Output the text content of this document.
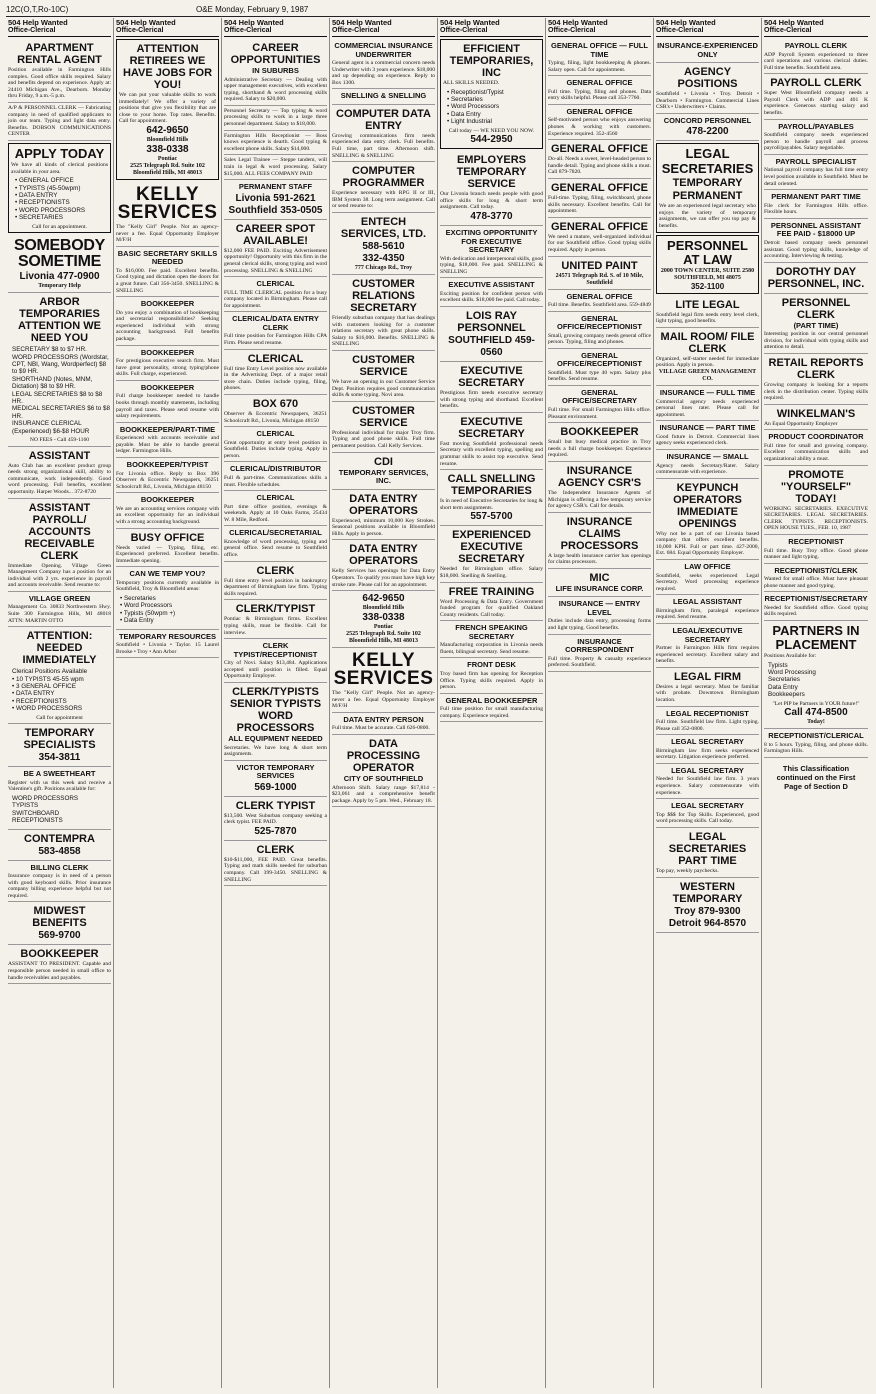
12C(O,T,Ro-10C)	O&E Monday, February 9, 1987
504 Help Wanted
Office-Clerical
APARTMENT RENTAL AGENT

Position available in Farmington Hills complex. Good office skills required. Salary and benefits depend on experience. Apply at: 24410 Michigan Ave., Dearborn. Monday thru Friday, 9 a.m.-5 p.m.

A/P & PERSONNEL CLERK — Fabricating company in need of qualified applicants to join our team. Typing and light data entry. Benefits. DOBSON COMMUNICATIONS CENTER

APPLY TODAY

We have all kinds of clerical positions available in your area.

• GENERAL OFFICE
• TYPISTS (45-50wpm)
• DATA ENTRY
• RECEPTIONISTS
• WORD PROCESSORS
• SECRETARIES

Call for an appointment.

SOMEBODY SOMETIME
Livonia 477-0900
Temporary Help
ARBOR TEMPORARIES ATTENTION WE NEED YOU
SECRETARY $8 to $7 HR.
WORD PROCESSORS (Wordstar, CPT, NBI, Wang, Wordperfect) $8 to $9 HR.
SHORTHAND (Notes, MNM, Dictation) $8 to $9 HR.
LEGAL SECRETARIES $8 to $8 HR.
MEDICAL SECRETARIES $6 to $8 HR.
INSURANCE CLERICAL (Experienced) $6-$8 HOUR

NO FEES - Call 459-1160

ASSISTANT

Auto Club has an excellent product group needs strong organizational skill, ability to communicate, work independently. Good word processing. Full benefits, excellent opportunity. Harper Woods... 372-8720

ASSISTANT PAYROLL/ ACCOUNTS RECEIVABLE CLERK

Immediate Opening. Village Green Management Company has a position for an individual with 2 yrs. experience in payroll and accounts receivable. Send resume to:

VILLAGE GREEN

Management Co. 30833 Northwestern Hwy. Suite 300 Farmington Hills, MI 48018 ATTN: MARTIN OTTO

ATTENTION: NEEDED IMMEDIATELY
Clerical Positions Available
• 10 TYPISTS 45-55 wpm
• 3 GENERAL OFFICE
• DATA ENTRY
• RECEPTIONISTS
• WORD PROCESSORS

Call for appointment

TEMPORARY SPECIALISTS
354-3811
BE A SWEETHEART

Register with us this week and receive a Valentine's gift. Positions available for:

WORD PROCESSORS
TYPISTS
SWITCHBOARD
RECEPTIONISTS
CONTEMPRA
583-4858
BILLING CLERK

Insurance company is in need of a person with good keyboard skills. Prior insurance company billing experience helpful but not required.

MIDWEST BENEFITS
569-9700
BOOKKEEPER

ASSISTANT TO PRESIDENT. Capable and responsible person needed in small office to handle receivables and payables.

504 Help Wanted
Office-Clerical
ATTENTION RETIREES WE HAVE JOBS FOR YOU!

We can put your valuable skills to work immediately! We offer a variety of positions that give you flexibility that are close to your home. Top rates. Benefits. Call for appointment.

642-9650
Bloomfield Hills
338-0338
Pontiac
2525 Telegraph Rd. Suite 102 Bloomfield Hills, MI 48013
KELLY SERVICES

The "Kelly Girl" People. Not an agency-never a fee. Equal Opportunity Employer M/F/H

BASIC SECRETARY SKILLS NEEDED

To $16,000. Fee paid. Excellent benefits. Good typing and dictation open the doors for a great future. Call 356-3450. SNELLING & SNELLING

BOOKKEEPER

Do you enjoy a combination of bookkeeping and secretarial responsibilities? Seeking experienced individual with strong accounting background. Full benefits package.

BOOKKEEPER

For prestigious executive search firm. Must have great personality, strong typing/phone skills. Full charge, experienced.

BOOKKEEPER

Full charge bookkeeper needed to handle books through monthly statements, including payroll and taxes. Please send resume with salary requirements.

BOOKKEEPER/PART-TIME

Experienced with accounts receivable and payable. Must be able to handle general ledger. Farmington Hills.

BOOKKEEPER/TYPIST

For Livonia office. Reply to Box 396 Observer & Eccentric Newspapers, 36251 Schoolcraft Rd., Livonia, Michigan 48150

BOOKKEEPER

We are an accounting services company with an excellent opportunity for an individual with a strong accounting background.

BUSY OFFICE

Needs varied — Typing, filing, etc. Experienced preferred. Excellent benefits. Immediate opening.

CAN WE TEMP YOU?

Temporary positions currently available in Southfield, Troy & Bloomfield areas:

• Secretaries
• Word Processors
• Typists (50wpm +)
• Data Entry
TEMPORARY RESOURCES

Southfield • Livonia • Taylor. 15 Laurel Brooke • Troy • Ann Arbor

504 Help Wanted
Office-Clerical
CAREER OPPORTUNITIES
IN SUBURBS

Administrative Secretary — Dealing with upper management executives, with excellent typing, shorthand & word processing skills required. Salary to $20,000.

Personnel Secretary — Top typing & word processing skills to work in a large three personnel department. Salary to $18,000.

Farmington Hills Receptionist — Boss knows experience is dearth. Good typing & excellent phone skills. Salary $14,000.

Sales Legal Trainee — Steppe tandem, will train in legal & word processing. Salary $15,000. ALL FEES COMPANY PAID

PERMANENT STAFF
Livonia 591-2621
Southfield 353-0505
CAREER SPOT AVAILABLE!

$12,000 FEE PAID. Exciting Advertisement opportunity! Opportunity with this firm in the general clerical skills, strong typing and word processing. SNELLING & SNELLING

CLERICAL

FULL TIME CLERICAL position for a busy company located in Birmingham. Please call for appointment.

CLERICAL/DATA ENTRY CLERK

Full time position for Farmington Hills CPA Firm. Please send resume.

CLERICAL

Full time Entry Level position now available in the Advertising Dept. of a major retail store chain. Duties include typing, filing, phones.

BOX 670

Observer & Eccentric Newspapers, 36251 Schoolcraft Rd., Livonia, Michigan 48150

CLERICAL

Great opportunity at entry level position in Southfield. Duties include typing. Apply in person.

CLERICAL/DISTRIBUTOR

Full & part-time. Communications skills a must. Flexible schedules.

CLERICAL

Part time office position, evenings & weekends. Apply at 10 Oaks Farms, 25434 W. 8 Mile, Redford.

CLERICAL/SECRETARIAL

Knowledge of word processing, typing and general office. Send resume to Southfield office.

CLERK

Full time entry level position in bankruptcy department of Birmingham law firm. Typing skills required.

CLERK/TYPIST

Pontiac & Birmingham firms. Excellent typing skills, must be flexible. Call for interview.

CLERK TYPIST/RECEPTIONIST

City of Novi. Salary $13,484. Applications accepted until position is filled. Equal Opportunity Employer.

CLERK/TYPISTS SENIOR TYPISTS WORD PROCESSORS
ALL EQUIPMENT NEEDED

Secretaries. We have long & short term assignments.

VICTOR TEMPORARY SERVICES
569-1000
CLERK TYPIST

$13,500. West Suburban company seeking a clerk typist. FEE PAID.

525-7870
CLERK

$10-$11,000, FEE PAID. Great benefits. Typing and math skills needed for suburban company. Call 399-3450. SNELLING & SNELLING

504 Help Wanted
Office-Clerical
COMMERCIAL INSURANCE UNDERWRITER

General agent is a commercial concern needs Underwriter with 3 years experience. $18,000 and up depending on experience. Reply to Box 1300.

SNELLING & SNELLING
COMPUTER DATA ENTRY

Growing communications firm needs experienced data entry clerk. Full benefits. Full time, part time. Afternoon shift. SNELLING & SNELLING

COMPUTER PROGRAMMER

Experience necessary with RPG II or III, IBM System 38. Long term assignment. Call or send resume to:

ENTECH SERVICES, LTD.
588-5610
332-4350
777 Chicago Rd., Troy
CUSTOMER RELATIONS SECRETARY

Friendly suburban company that has dealings with customers looking for a customer relations secretary with great phone skills. Salary to $16,000. Benefits. SNELLING & SNELLING

CUSTOMER SERVICE

We have an opening in our Customer Service Dept. Position requires good communication skills & some typing. Novi area.

CUSTOMER SERVICE

Professional individual for major Troy firm. Typing and good phone skills. Full time permanent position. Call Kelly Services.

CDI
TEMPORARY SERVICES, INC.
DATA ENTRY OPERATORS

Experienced, minimum 10,000 Key Strokes. Seasonal positions available in Bloomfield Hills. Apply in person.

DATA ENTRY OPERATORS

Kelly Services has openings for Data Entry Operators. To qualify you must have high key stroke rate. Please call for an appointment.

642-9650
Bloomfield Hills
338-0338
Pontiac
2525 Telegraph Rd. Suite 102 Bloomfield Hills, MI 48013
KELLY SERVICES

The "Kelly Girl" People. Not an agency-never a fee. Equal Opportunity Employer M/F/H

DATA ENTRY PERSON

Full time. Must be accurate. Call 626-0800.

DATA PROCESSING OPERATOR
CITY OF SOUTHFIELD

Afternoon Shift. Salary range $17,814 - $23,061 and a comprehensive benefit package. Apply by 5 pm. Wed., February 18.

504 Help Wanted
Office-Clerical
EFFICIENT TEMPORARIES, INC

ALL SKILLS NEEDED.

• Receptionist/Typist
• Secretaries
• Word Processors
• Data Entry
• Light Industrial

Call today — WE NEED YOU NOW.

544-2950
EMPLOYERS TEMPORARY SERVICE

Our Livonia branch needs people with good office skills for long & short term assignments. Call today.

478-3770
EXCITING OPPORTUNITY FOR EXECUTIVE SECRETARY

With dedication and interpersonal skills, good typing, $18,000. Fee paid. SNELLING & SNELLING

EXECUTIVE ASSISTANT

Exciting position for confident person with excellent skills. $18,000 fee paid. Call today.

LOIS RAY PERSONNEL
SOUTHFIELD 459-0560
EXECUTIVE SECRETARY

Prestigious firm needs executive secretary with strong typing and shorthand. Excellent benefits.

EXECUTIVE SECRETARY

Fast moving Southfield professional needs Secretary with excellent typing, spelling and grammar skills to assist top executive. Send resume.

CALL SNELLING TEMPORARIES

Is in need of Executive Secretaries for long & short term assignments.

557-5700
EXPERIENCED EXECUTIVE SECRETARY

Needed for Birmingham office. Salary $18,000. Snelling & Snelling.

FREE TRAINING

Word Processing & Data Entry. Government funded program for qualified Oakland County residents. Call today.

FRENCH SPEAKING SECRETARY

Manufacturing corporation in Livonia needs fluent, bilingual secretary. Send resume.

FRONT DESK

Troy based firm has opening for Reception Office. Typing skills required. Apply in person.

GENERAL BOOKKEEPER

Full time position for small manufacturing company. Experience required.

504 Help Wanted
Office-Clerical
GENERAL OFFICE — FULL TIME

Typing, filing, light bookkeeping & phones. Salary open. Call for appointment.

GENERAL OFFICE

Full time. Typing, filing and phones. Data entry skills helpful. Please call 353-7760.

GENERAL OFFICE

Self-motivated person who enjoys answering phones & working with customers. Experience required. 352-4560

GENERAL OFFICE

Do-all. Needs a sweet, level-headed person to handle detail. Typing and phone skills a must. Call 879-7820.

GENERAL OFFICE

Full-time. Typing, filing, switchboard, phone skills necessary. Excellent benefits. Call for appointment.

GENERAL OFFICE

We need a mature, well-organized individual for our Southfield office. Good typing skills required. Apply in person.

UNITED PAINT
24571 Telegraph Rd. S. of 10 Mile, Southfield
GENERAL OFFICE

Full time. Benefits. Southfield area. 559-4849

GENERAL OFFICE/RECEPTIONIST

Small, growing company needs general office person. Typing, filing and phones.

GENERAL OFFICE/RECEPTIONIST

Southfield. Must type 40 wpm. Salary plus benefits. Send resume.

GENERAL OFFICE/SECRETARY

Full time. For small Farmington Hills office. Pleasant environment.

BOOKKEEPER

Small but busy medical practice in Troy needs a full charge bookkeeper. Experience required.

INSURANCE AGENCY CSR'S

The Independent Insurance Agents of Michigan is offering a free temporary service for agency CSR's. Call for details.

INSURANCE CLAIMS PROCESSORS

A large health insurance carrier has openings for claims processors.

MIC
LIFE INSURANCE CORP.
INSURANCE — ENTRY LEVEL

Duties include data entry, processing forms and light typing. Good benefits.

INSURANCE CORRESPONDENT

Full time. Property & casualty experience preferred. Southfield.

504 Help Wanted
Office-Clerical
INSURANCE-EXPERIENCED ONLY
AGENCY POSITIONS

Southfield • Livonia • Troy. Detroit • Dearborn • Farmington. Commercial Lines CSR's • Underwriters • Claims.

CONCORD PERSONNEL
478-2200
LEGAL
SECRETARIES
TEMPORARY
PERMANENT

We are an experienced legal secretary who enjoys the variety of temporary assignments, we can offer you top pay & benefits.

PERSONNEL AT LAW
2000 TOWN CENTER, SUITE 2580 SOUTHFIELD, MI 48075
352-1100
LITE LEGAL

Southfield legal firm needs entry level clerk, light typing, good benefits.

MAIL ROOM/ FILE CLERK

Organized, self-starter needed for immediate position. Apply in person.

VILLAGE GREEN MANAGEMENT CO.
INSURANCE — FULL TIME

Commercial agency needs experienced personal lines rater. Please call for appointment.

INSURANCE — PART TIME

Good future in Detroit. Commercial lines agency seeks experienced clerk.

INSURANCE — SMALL

Agency needs Secretary/Rater. Salary commensurate with experience.

KEYPUNCH OPERATORS IMMEDIATE OPENINGS

Why not be a part of our Livonia based company that offers excellent benefits. 10,000 KPH. Full or part time. 427-2000, Ext. 684. Equal Opportunity Employer.

LAW OFFICE

Southfield, seeks experienced Legal Secretary. Word processing experience required.

LEGAL ASSISTANT

Birmingham firm, paralegal experience required. Send resume.

LEGAL/EXECUTIVE SECRETARY

Partner in Farmington Hills firm requires experienced secretary. Excellent salary and benefits.

LEGAL FIRM

Desires a legal secretary. Must be familiar with probate. Downtown Birmingham location.

LEGAL RECEPTIONIST

Full time. Southfield law firm. Light typing. Please call 352-0800.

LEGAL SECRETARY

Birmingham law firm seeks experienced secretary. Litigation experience preferred.

LEGAL SECRETARY

Needed for Southfield law firm. 3 years experience. Salary commensurate with experience.

LEGAL SECRETARY

Top $$$ for Top Skills. Experienced, good word processing skills. Call today.

LEGAL SECRETARIES PART TIME

Top pay, weekly paychecks.

WESTERN TEMPORARY
Troy 879-9300
Detroit 964-8570
504 Help Wanted
Office-Clerical
PAYROLL CLERK

ADP Payroll System experienced to three card operations and various clerical duties. Full time benefits. Southfield area.

PAYROLL CLERK

Super West Bloomfield company needs a Payroll Clerk with ADP and 401 K experience. Generous starting salary and benefits.

PAYROLL/PAYABLES

Southfield company needs experienced person to handle payroll and process payroll/payables. Salary negotiable.

PAYROLL SPECIALIST

National payroll company has full time entry level position available in Southfield. Must be detail oriented.

PERMANENT PART TIME

File clerk for Farmington Hills office. Flexible hours.

PERSONNEL ASSISTANT FEE PAID - $18000 UP

Detroit based company needs personnel assistant. Good typing skills, knowledge of accounting. Interviewing & testing.

DOROTHY DAY PERSONNEL, INC.
PERSONNEL CLERK
(PART TIME)

Interesting position in our central personnel division, for individual with typing skills and attention to detail.

RETAIL REPORTS CLERK

Growing company is looking for a reports clerk in the distribution center. Typing skills required.

WINKELMAN'S

An Equal Opportunity Employer

PRODUCT COORDINATOR

Full time for small and growing company. Excellent communication skills and organizational ability a must.

PROMOTE "YOURSELF" TODAY!

WORKING SECRETARIES. EXECUTIVE SECRETARIES. LEGAL SECRETARIES. CLERK TYPISTS. RECEPTIONISTS. OPEN HOUSE TUES., FEB. 10, 1987

RECEPTIONIST

Full time. Busy Troy office. Good phone manner and light typing.

RECEPTIONIST/CLERK

Wanted for small office. Must have pleasant phone manner and good typing.

RECEPTIONIST/SECRETARY

Needed for Southfield office. Good typing skills required.

PARTNERS IN PLACEMENT

Positions Available for:

Typists
Word Processing
Secretaries
Data Entry
Bookkeepers

"Let PIP be Partners in YOUR future!"

Call 474-8500
Today!
RECEPTIONIST/CLERICAL

8 to 5 hours. Typing, filing, and phone skills. Farmington Hills.

This Classification
continued on the First
Page of Section D
